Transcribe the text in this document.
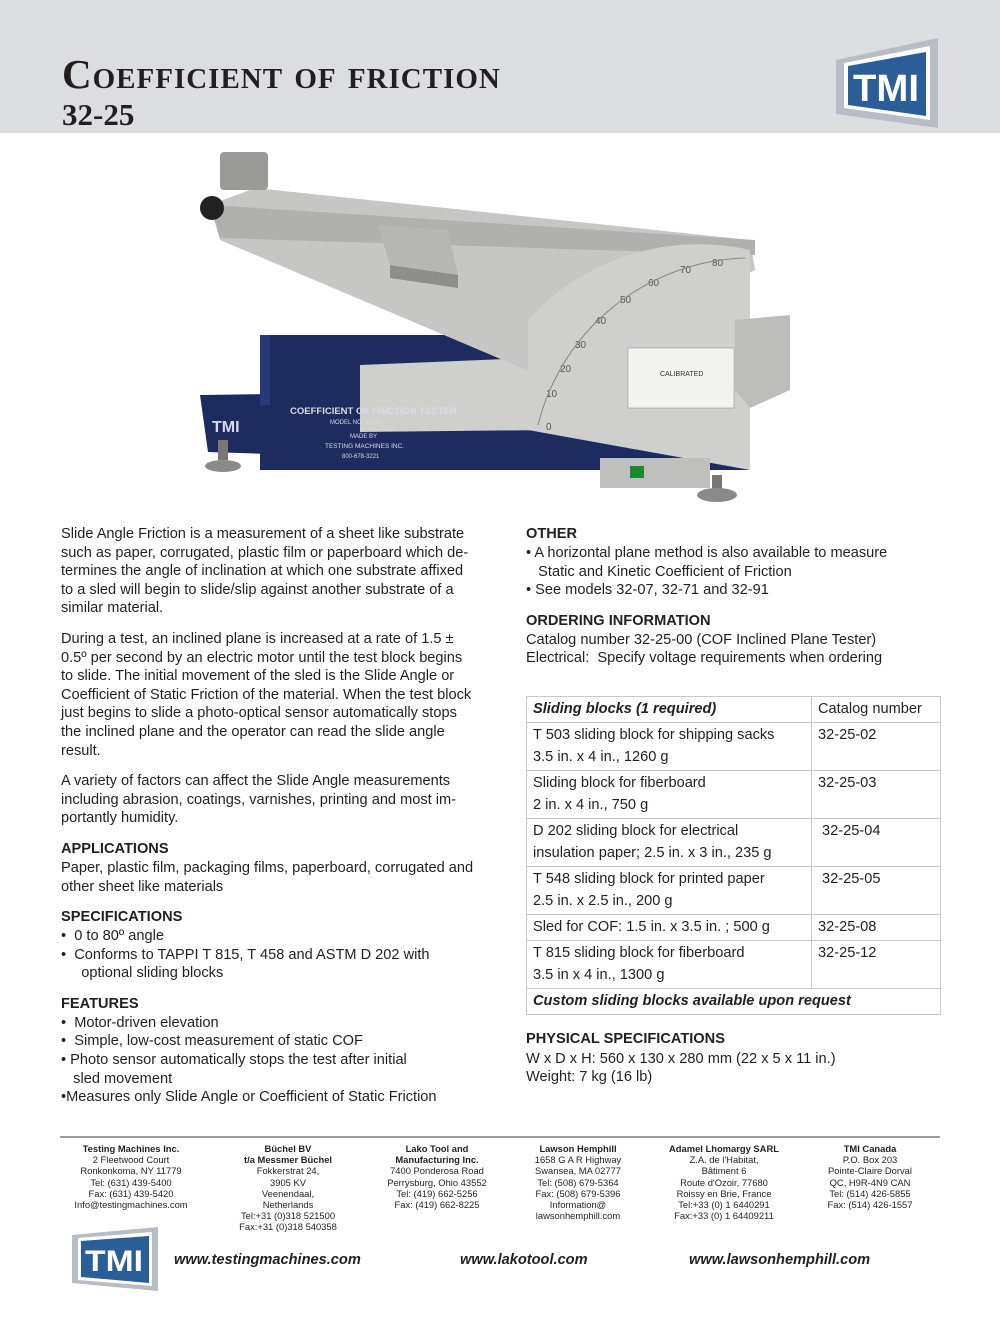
Coefficient of friction
32-25
TMI
0
10
20
30
40
50
60
70
80
CALIBRATED
COEFFICIENT OF FRICTION TESTER
MODEL NO. 32-25
MADE BY
TESTING MACHINES INC.
800-678-3221
TMI

Slide Angle Friction is a measurement of a sheet like substrate
such as paper, corrugated, plastic film or paperboard which de-
termines the angle of inclination at which one substrate affixed
to a sled will begin to slide/slip against another substrate of a
similar material.

During a test, an inclined plane is increased at a rate of 1.5 ±
0.5º per second by an electric motor until the test block begins
to slide. The initial movement of the sled is the Slide Angle or
Coefficient of Static Friction of the material. When the test block
just begins to slide a photo-optical sensor automatically stops
the inclined plane and the operator can read the slide angle
result.

A variety of factors can affect the Slide Angle measurements
including abrasion, coatings, varnishes, printing and most im-
portantly humidity.

APPLICATIONS
Paper, plastic film, packaging films, paperboard, corrugated and
other sheet like materials
SPECIFICATIONS
•  0 to 80º angle
•  Conforms to TAPPI T 815, T 458 and ASTM D 202 with
optional sliding blocks
FEATURES
•  Motor-driven elevation
•  Simple, low-cost measurement of static COF
• Photo sensor automatically stops the test after initial
sled movement
•Measures only Slide Angle or Coefficient of Static Friction
OTHER
• A horizontal plane method is also available to measure
Static and Kinetic Coefficient of Friction
• See models 32-07, 32-71 and 32-91
ORDERING INFORMATION
Catalog number 32-25-00 (COF Inclined Plane Tester)
Electrical:  Specify voltage requirements when ordering
Sliding blocks (1 required)	Catalog number
T 503 sliding block for shipping sacks
3.5 in. x 4 in., 1260 g	32-25-02
Sliding block for fiberboard
2 in. x 4 in., 750 g	32-25-03
D 202 sliding block for electrical
insulation paper; 2.5 in. x 3 in., 235 g	32-25-04
T 548 sliding block for printed paper
2.5 in. x 2.5 in., 200 g	32-25-05
Sled for COF: 1.5 in. x 3.5 in. ; 500 g	32-25-08
T 815 sliding block for fiberboard
3.5 in x 4 in., 1300 g	32-25-12
Custom sliding blocks available upon request	
PHYSICAL SPECIFICATIONS
W x D x H: 560 x 130 x 280 mm (22 x 5 x 11 in.)
Weight: 7 kg (16 lb)
Testing Machines Inc.
2 Fleetwood Court
Ronkonkoma, NY 11779
Tel: (631) 439-5400
Fax: (631) 439-5420
Info@testingmachines.com
Büchel BV
t/a Messmer Büchel
Fokkerstrat 24,
3905 KV
Veenendaal,
Netherlands
Tel:+31 (0)318 521500
Fax:+31 (0)318 540358
Lako Tool and
Manufacturing Inc.
7400 Ponderosa Road
Perrysburg, Ohio 43552
Tel: (419) 662-5256
Fax: (419) 662-8225
Lawson Hemphill
1658 G A R Highway
Swansea, MA 02777
Tel: (508) 679-5364
Fax: (508) 679-5396
Information@
lawsonhemphill.com
Adamel Lhomargy SARL
Z.A. de l'Habitat,
Bâtiment 6
Route d'Ozoir, 77680
Roissy en Brie, France
Tel:+33 (0) 1 6440291
Fax:+33 (0) 1 64409211
TMI Canada
P.O. Box 203
Pointe-Claire Dorval
QC, H9R-4N9 CAN
Tel: (514) 426-5855
Fax: (514) 426-1557
TMI www.testingmachines.com	www.lakotool.com	www.lawsonhemphill.com
